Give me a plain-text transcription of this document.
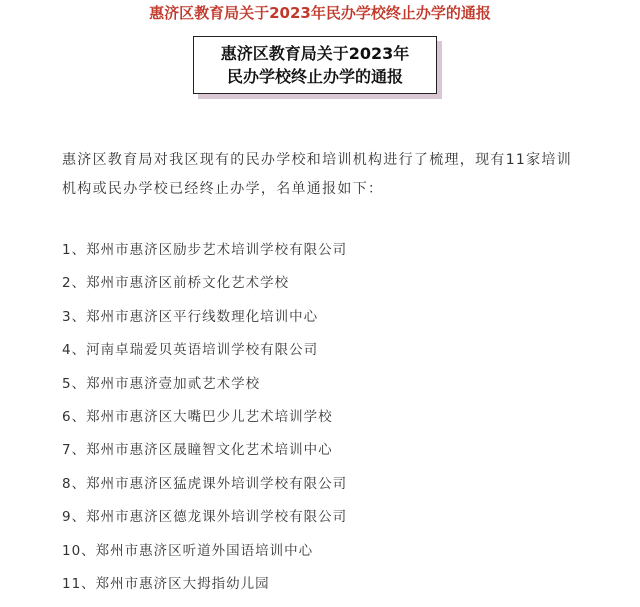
惠济区教育局关于2023年民办学校终止办学的通报
惠济区教育局关于2023年
民办学校终止办学的通报
惠济区教育局对我区现有的民办学校和培训机构进行了梳理，现有11家培训机构或民办学校已经终止办学，名单通报如下：
1、郑州市惠济区励步艺术培训学校有限公司
2、郑州市惠济区前桥文化艺术学校
3、郑州市惠济区平行线数理化培训中心
4、河南卓瑞爱贝英语培训学校有限公司
5、郑州市惠济壹加贰艺术学校
6、郑州市惠济区大嘴巴少儿艺术培训学校
7、郑州市惠济区晟瞳智文化艺术培训中心
8、郑州市惠济区猛虎课外培训学校有限公司
9、郑州市惠济区德龙课外培训学校有限公司
10、郑州市惠济区听道外国语培训中心
11、郑州市惠济区大拇指幼儿园
